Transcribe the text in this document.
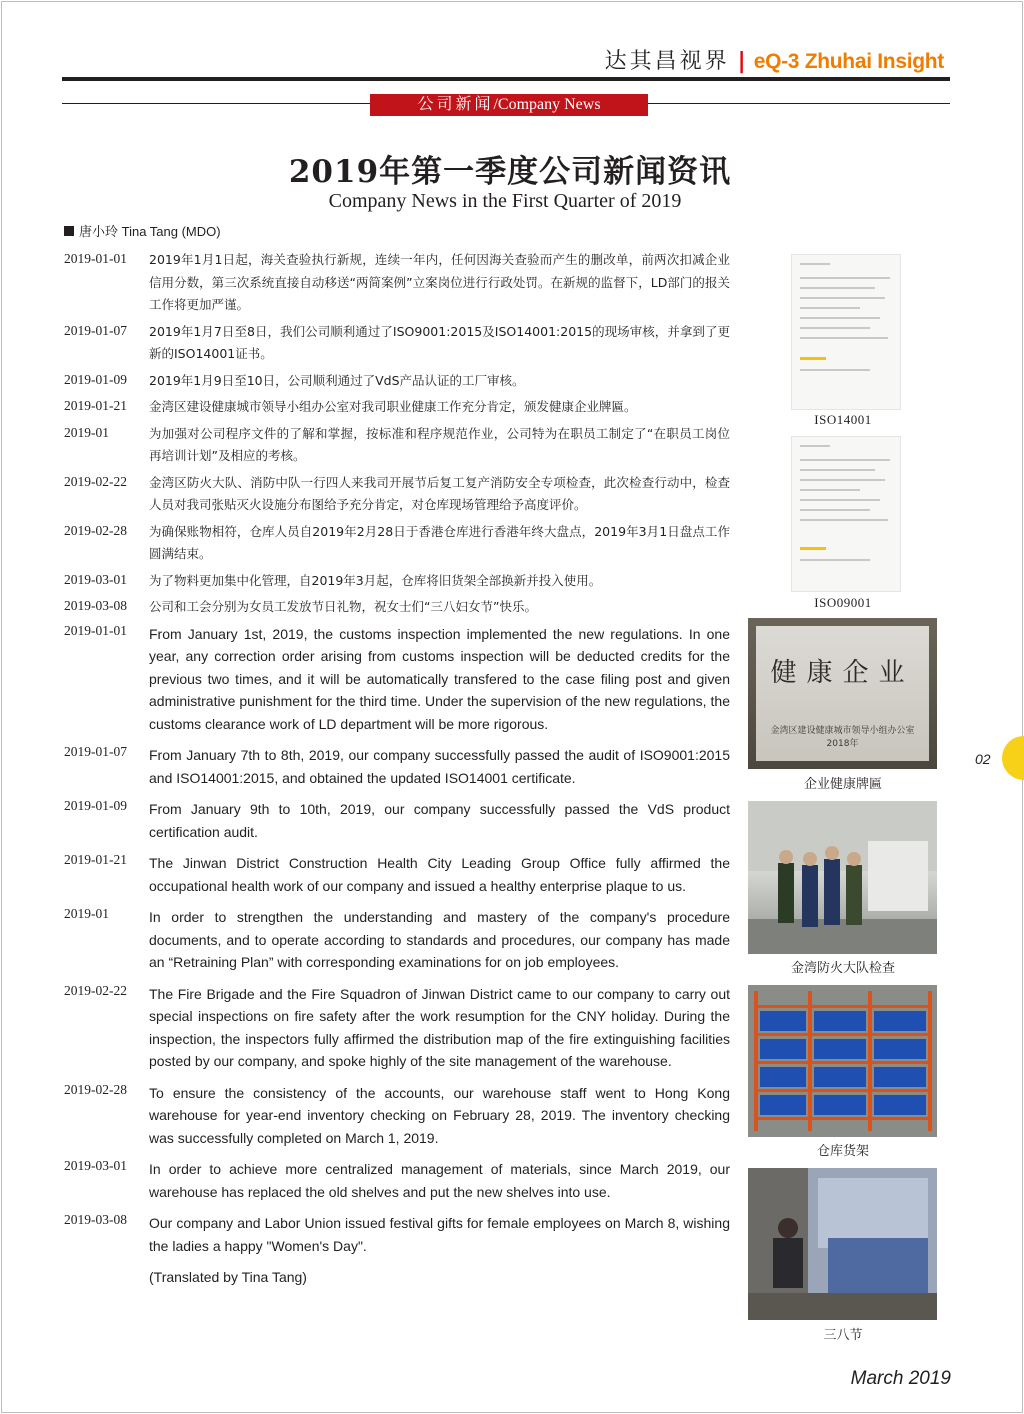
达其昌视界 | eQ-3 Zhuhai Insight
公司新闻/Company News
2019年第一季度公司新闻资讯
Company News in the First Quarter of 2019
唐小玲 Tina Tang (MDO)
2019-01-01	2019年1月1日起，海关查验执行新规，连续一年内，任何因海关查验而产生的删改单，前两次扣减企业信用分数，第三次系统直接自动移送“两简案例”立案岗位进行行政处罚。在新规的监督下，LD部门的报关工作将更加严谨。
2019-01-07	2019年1月7日至8日，我们公司顺利通过了ISO9001:2015及ISO14001:2015的现场审核，并拿到了更新的ISO14001证书。
2019-01-09	2019年1月9日至10日，公司顺利通过了VdS产品认证的工厂审核。
2019-01-21	金湾区建设健康城市领导小组办公室对我司职业健康工作充分肯定，颁发健康企业牌匾。
2019-01	为加强对公司程序文件的了解和掌握，按标准和程序规范作业，公司特为在职员工制定了“在职员工岗位再培训计划”及相应的考核。
2019-02-22	金湾区防火大队、消防中队一行四人来我司开展节后复工复产消防安全专项检查，此次检查行动中，检查人员对我司张贴灭火设施分布图给予充分肯定，对仓库现场管理给予高度评价。
2019-02-28	为确保账物相符，仓库人员自2019年2月28日于香港仓库进行香港年终大盘点，2019年3月1日盘点工作圆满结束。
2019-03-01	为了物料更加集中化管理，自2019年3月起，仓库将旧货架全部换新并投入使用。
2019-03-08	公司和工会分别为女员工发放节日礼物，祝女士们“三八妇女节”快乐。
2019-01-01	From January 1st, 2019, the customs inspection implemented the new regulations. In one year, any correction order arising from customs inspection will be deducted credits for the previous two times, and it will be automatically transfered to the case filing post and given administrative punishment for the third time. Under the supervision of the new regulations, the customs clearance work of LD department will be more rigorous.
2019-01-07	From January 7th to 8th, 2019, our company successfully passed the audit of ISO9001:2015 and ISO14001:2015, and obtained the updated ISO14001 certificate.
2019-01-09	From January 9th to 10th, 2019, our company successfully passed the VdS product certification audit.
2019-01-21	The Jinwan District Construction Health City Leading Group Office fully affirmed the occupational health work of our company and issued a healthy enterprise plaque to us.
2019-01	In order to strengthen the understanding and mastery of the company's procedure documents, and to operate according to standards and procedures, our company has made an “Retraining Plan” with corresponding examinations for on job employees.
2019-02-22	The Fire Brigade and the Fire Squadron of Jinwan District came to our company to carry out special inspections on fire safety after the work resumption for the CNY holiday. During the inspection, the inspectors fully affirmed the distribution map of the fire extinguishing facilities posted by our company, and spoke highly of the site management of the warehouse.
2019-02-28	To ensure the consistency of the accounts, our warehouse staff went to Hong Kong warehouse for year-end inventory checking on February 28, 2019. The inventory checking was successfully completed on March 1, 2019.
2019-03-01	In order to achieve more centralized management of materials, since March 2019, our warehouse has replaced the old shelves and put the new shelves into use.
2019-03-08	Our company and Labor Union issued festival gifts for female employees on March 8, wishing the ladies a happy "Women's Day".
(Translated by Tina Tang)
ISO14001
ISO09001
健康企业
金湾区建设健康城市领导小组办公室
2018年
企业健康牌匾
金湾防火大队检查
仓库货架
三八节
02
March 2019
